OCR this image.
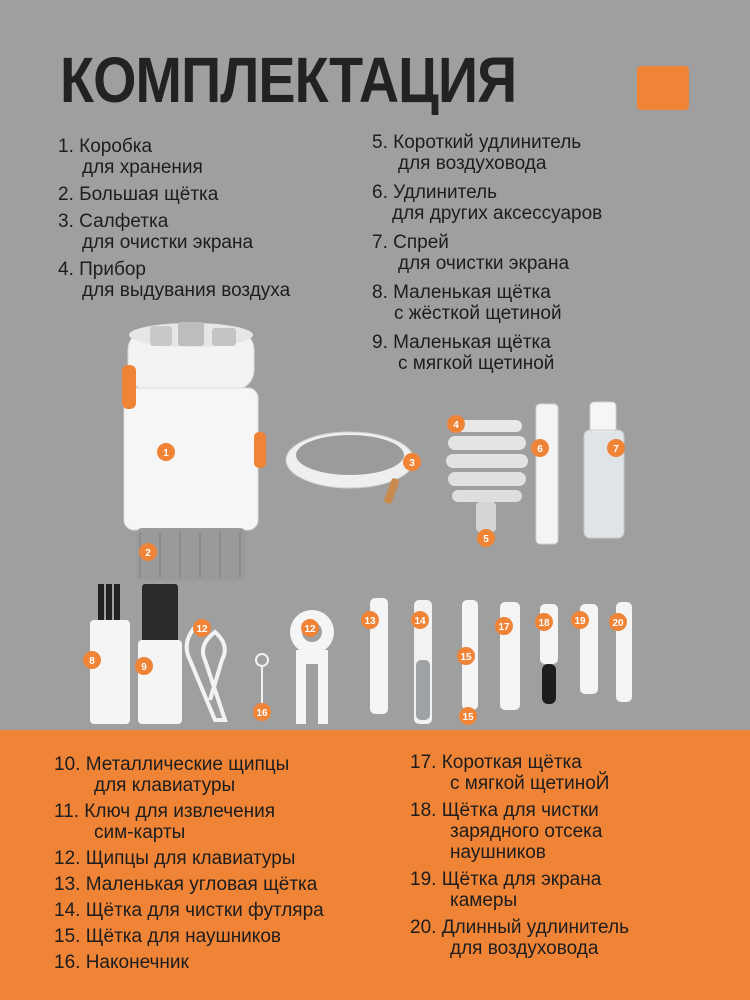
КОМПЛЕКТАЦИЯ
1. Коробка
для хранения
2. Большая щётка
3. Салфетка
для очистки экрана
4. Прибор
для выдувания воздуха
5. Короткий удлинитель
для воздуховода
6. Удлинитель
для других аксессуаров
7. Спрей
для очистки экрана
8. Маленькая щётка
с жёсткой щетиной
9. Маленькая щётка
с мягкой щетиной
1
2
3
4
5
6	7
8
9
12	12
13	14
15
15
16
17	18 19	20
10. Металлические щипцы
для клавиатуры
11. Ключ для извлечения
сим-карты
12. Щипцы для клавиатуры
13. Маленькая угловая щётка
14. Щётка для чистки футляра
15. Щётка для наушников
16. Наконечник
17. Короткая щётка
с мягкой щетиноЙ
18. Щётка для чистки
зарядного отсека
наушников
19. Щётка для экрана
камеры
20. Длинный удлинитель
для воздуховода
